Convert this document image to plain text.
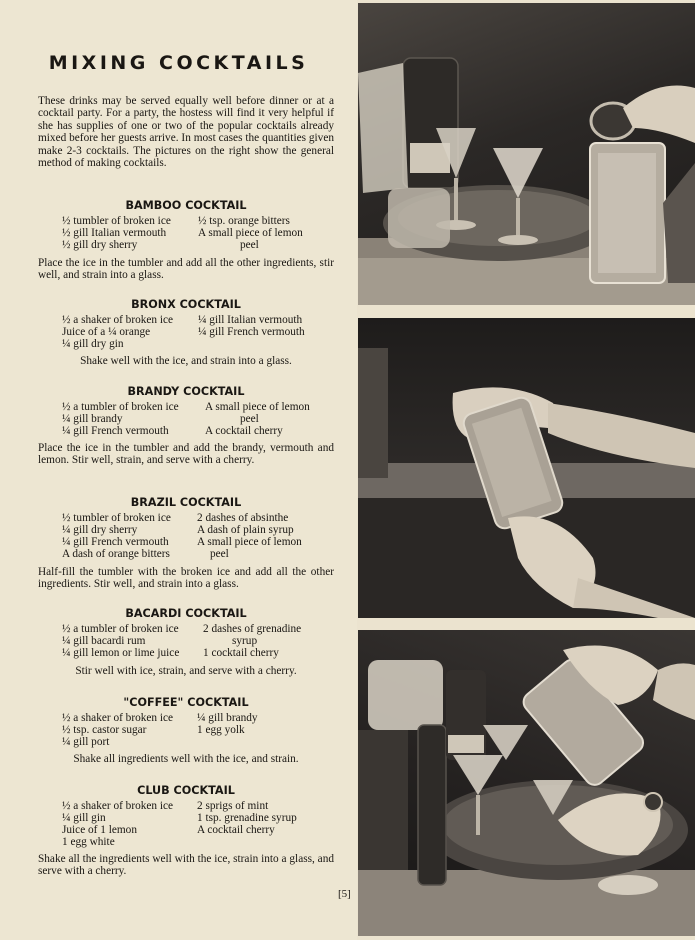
MIXING COCKTAILS
These drinks may be served equally well before dinner or at a cocktail party. For a party, the hostess will find it very helpful if she has supplies of one or two of the popular cocktails already mixed before her guests arrive. In most cases the quantities given make 2-3 cocktails. The pictures on the right show the general method of making cocktails.
BAMBOO COCKTAIL
½ tumbler of broken ice
½ gill Italian vermouth
½ gill dry sherry
½ tsp. orange bitters
A small piece of lemon
peel
Place the ice in the tumbler and add all the other ingredients, stir well, and strain into a glass.
BRONX COCKTAIL
½ a shaker of broken ice
Juice of a ¼ orange
¼ gill dry gin
¼ gill Italian vermouth
¼ gill French vermouth
Shake well with the ice, and strain into a glass.
BRANDY COCKTAIL
½ a tumbler of broken ice
¼ gill brandy
¼ gill French vermouth
A small piece of lemon
peel
A cocktail cherry
Place the ice in the tumbler and add the brandy, vermouth and lemon. Stir well, strain, and serve with a cherry.
BRAZIL COCKTAIL
½ tumbler of broken ice
¼ gill dry sherry
¼ gill French vermouth
A dash of orange bitters
2 dashes of absinthe
A dash of plain syrup
A small piece of lemon
peel
Half-fill the tumbler with the broken ice and add all the other ingredients. Stir well, and strain into a glass.
BACARDI COCKTAIL
½ a tumbler of broken ice
¼ gill bacardi rum
¼ gill lemon or lime juice
2 dashes of grenadine
syrup
1 cocktail cherry
Stir well with ice, strain, and serve with a cherry.
"COFFEE" COCKTAIL
½ a shaker of broken ice
½ tsp. castor sugar
¼ gill port
¼ gill brandy
1 egg yolk
Shake all ingredients well with the ice, and strain.
CLUB COCKTAIL
½ a shaker of broken ice
¼ gill gin
Juice of 1 lemon
1 egg white
2 sprigs of mint
1 tsp. grenadine syrup
A cocktail cherry
Shake all the ingredients well with the ice, strain into a glass, and serve with a cherry.
[5]
